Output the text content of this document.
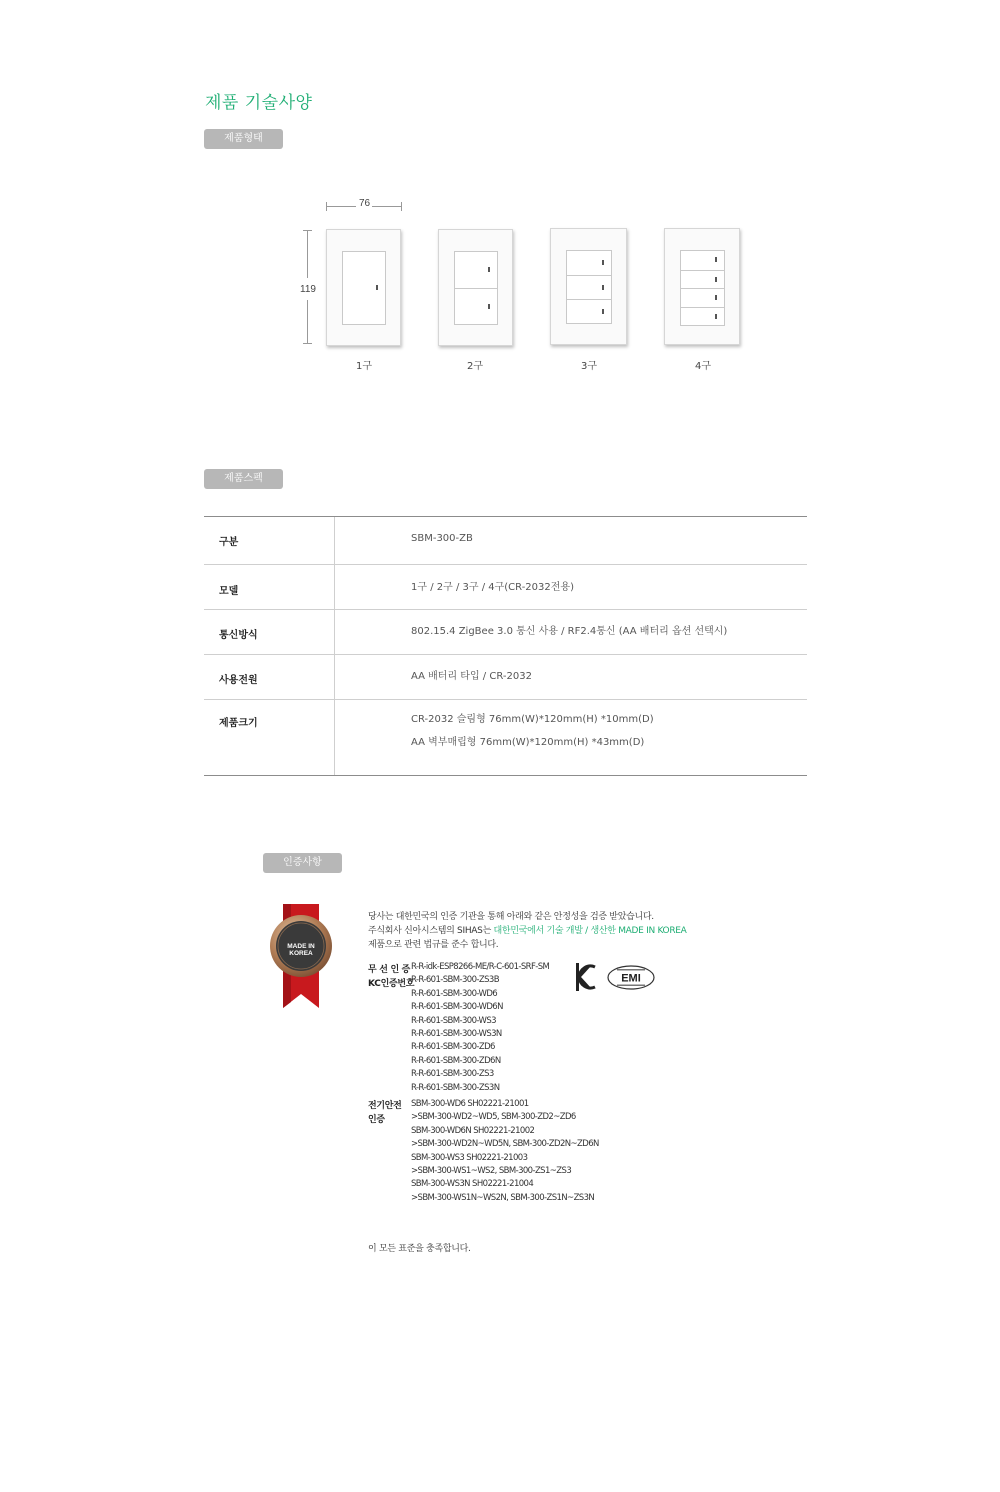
제품 기술사양
제품형태
76
119
1구	2구	3구	4구
제품스펙
구분	SBM-300-ZB
모델	1구 / 2구 / 3구 / 4구(CR-2032전용)
통신방식	802.15.4 ZigBee 3.0 통신 사용 / RF2.4통신 (AA 배터리 옵션 선택시)
사용전원	AA 배터리 타입 / CR-2032
제품크기	CR-2032 슬림형 76mm(W)*120mm(H) *10mm(D)
AA 벽부매립형 76mm(W)*120mm(H) *43mm(D)
인증사항
MADE IN
KOREA
당사는 대한민국의 인증 기관을 통해 아래와 같은 안정성을 검증 받았습니다.
주식회사 신아시스템의 SIHAS는 대한민국에서 기술 개발 / 생산한 MADE IN KOREA
제품으로 관련 법규를 준수 합니다.
무 선 인 증
KC인증번호
R-R-idk-ESP8266-ME/R-C-601-SRF-SM
R-R-601-SBM-300-ZS3B
R-R-601-SBM-300-WD6
R-R-601-SBM-300-WD6N
R-R-601-SBM-300-WS3
R-R-601-SBM-300-WS3N
R-R-601-SBM-300-ZD6
R-R-601-SBM-300-ZD6N
R-R-601-SBM-300-ZS3
R-R-601-SBM-300-ZS3N
KC
EMI
전기안전
인증
SBM-300-WD6 SH02221-21001
>SBM-300-WD2~WD5, SBM-300-ZD2~ZD6
SBM-300-WD6N SH02221-21002
>SBM-300-WD2N~WD5N, SBM-300-ZD2N~ZD6N
SBM-300-WS3 SH02221-21003
>SBM-300-WS1~WS2, SBM-300-ZS1~ZS3
SBM-300-WS3N SH02221-21004
>SBM-300-WS1N~WS2N, SBM-300-ZS1N~ZS3N
이 모든 표준을 충족합니다.
